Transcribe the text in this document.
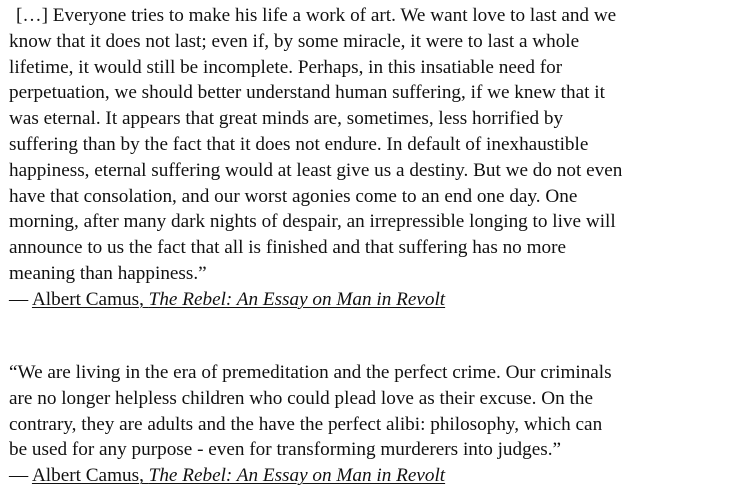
[…] Everyone tries to make his life a work of art. We want love to last and we
know that it does not last; even if, by some miracle, it were to last a whole
lifetime, it would still be incomplete. Perhaps, in this insatiable need for
perpetuation, we should better understand human suffering, if we knew that it
was eternal. It appears that great minds are, sometimes, less horrified by
suffering than by the fact that it does not endure. In default of inexhaustible
happiness, eternal suffering would at least give us a destiny. But we do not even
have that consolation, and our worst agonies come to an end one day. One
morning, after many dark nights of despair, an irrepressible longing to live will
announce to us the fact that all is finished and that suffering has no more
meaning than happiness.”
— Albert Camus, The Rebel: An Essay on Man in Revolt
“We are living in the era of premeditation and the perfect crime. Our criminals
are no longer helpless children who could plead love as their excuse. On the
contrary, they are adults and the have the perfect alibi: philosophy, which can
be used for any purpose - even for transforming murderers into judges.”
— Albert Camus, The Rebel: An Essay on Man in Revolt
